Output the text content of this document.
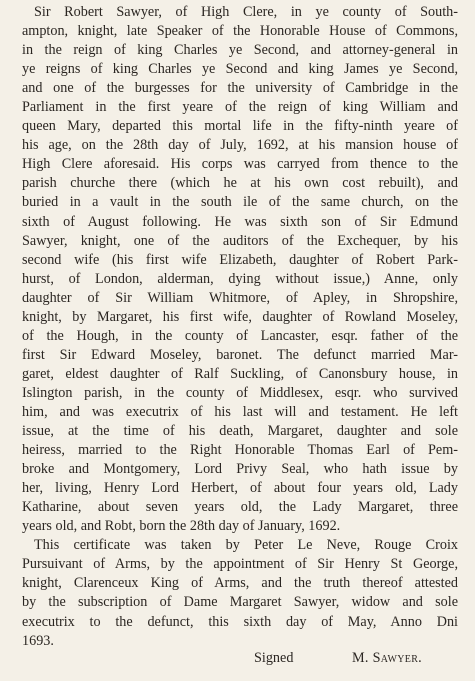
Sir Robert Sawyer, of High Clere, in ye county of South-
ampton, knight, late Speaker of the Honorable House of Commons,
in the reign of king Charles ye Second, and attorney-general in
ye reigns of king Charles ye Second and king James ye Second,
and one of the burgesses for the university of Cambridge in the
Parliament in the first yeare of the reign of king William and
queen Mary, departed this mortal life in the fifty-ninth yeare of
his age, on the 28th day of July, 1692, at his mansion house of
High Clere aforesaid. His corps was carryed from thence to the
parish churche there (which he at his own cost rebuilt), and
buried in a vault in the south ile of the same church, on the
sixth of August following. He was sixth son of Sir Edmund
Sawyer, knight, one of the auditors of the Exchequer, by his
second wife (his first wife Elizabeth, daughter of Robert Park-
hurst, of London, alderman, dying without issue,) Anne, only
daughter of Sir William Whitmore, of Apley, in Shropshire,
knight, by Margaret, his first wife, daughter of Rowland Moseley,
of the Hough, in the county of Lancaster, esqr. father of the
first Sir Edward Moseley, baronet. The defunct married Mar-
garet, eldest daughter of Ralf Suckling, of Canonsbury house, in
Islington parish, in the county of Middlesex, esqr. who survived
him, and was executrix of his last will and testament. He left
issue, at the time of his death, Margaret, daughter and sole
heiress, married to the Right Honorable Thomas Earl of Pem-
broke and Montgomery, Lord Privy Seal, who hath issue by
her, living, Henry Lord Herbert, of about four years old, Lady
Katharine, about seven years old, the Lady Margaret, three
years old, and Robt, born the 28th day of January, 1692.
This certificate was taken by Peter Le Neve, Rouge Croix
Pursuivant of Arms, by the appointment of Sir Henry St George,
knight, Clarenceux King of Arms, and the truth thereof attested
by the subscription of Dame Margaret Sawyer, widow and sole
executrix to the defunct, this sixth day of May, Anno Dni
1693.
Signed	M. Sawyer.
